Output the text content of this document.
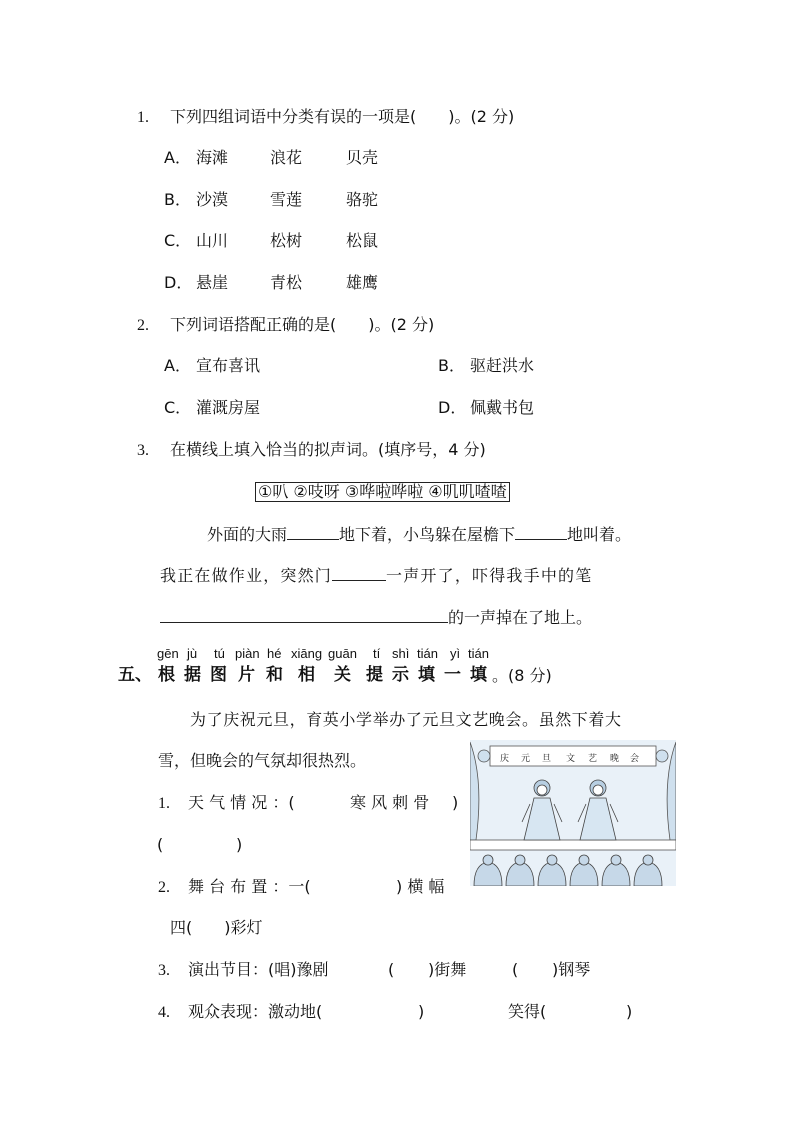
1. 下列四组词语中分类有误的一项是(　　)。(2 分)
A． 海滩	浪花	贝壳
B． 沙漠	雪莲	骆驼
C． 山川	松树	松鼠
D． 悬崖	青松	雄鹰
2. 下列词语搭配正确的是(　　)。(2 分)
A． 宣布喜讯	B． 驱赶洪水
C． 灌溉房屋	D． 佩戴书包
3. 在横线上填入恰当的拟声词。(填序号，4 分)
①叭 ②吱呀 ③哗啦哗啦 ④叽叽喳喳
外面的大雨	地下着，小鸟躲在屋檐下	地叫着。
我正在做作业，突然门	一声开了，吓得我手中的笔
的一声掉在了地上。
五、
gēn jù tú piàn hé xiāng guān tí shì tián yì tián
根 据 图 片 和 相 关 提 示 填 一 填 。(8 分)
为了庆祝元旦，育英小学举办了元旦文艺晚会。虽然下着大
雪，但晚会的气氛却很热烈。	庆 元 旦 文 艺 晚 会
1. 天 气 情 况 ：(	寒 风 刺 骨 )
(	)
2. 舞 台 布 置 ：一(	) 横 幅
四(　　)彩灯
3. 演出节目：(唱)豫剧	( )街舞	( )钢琴
4. 观众表现：激动地(	)	笑得(	)
